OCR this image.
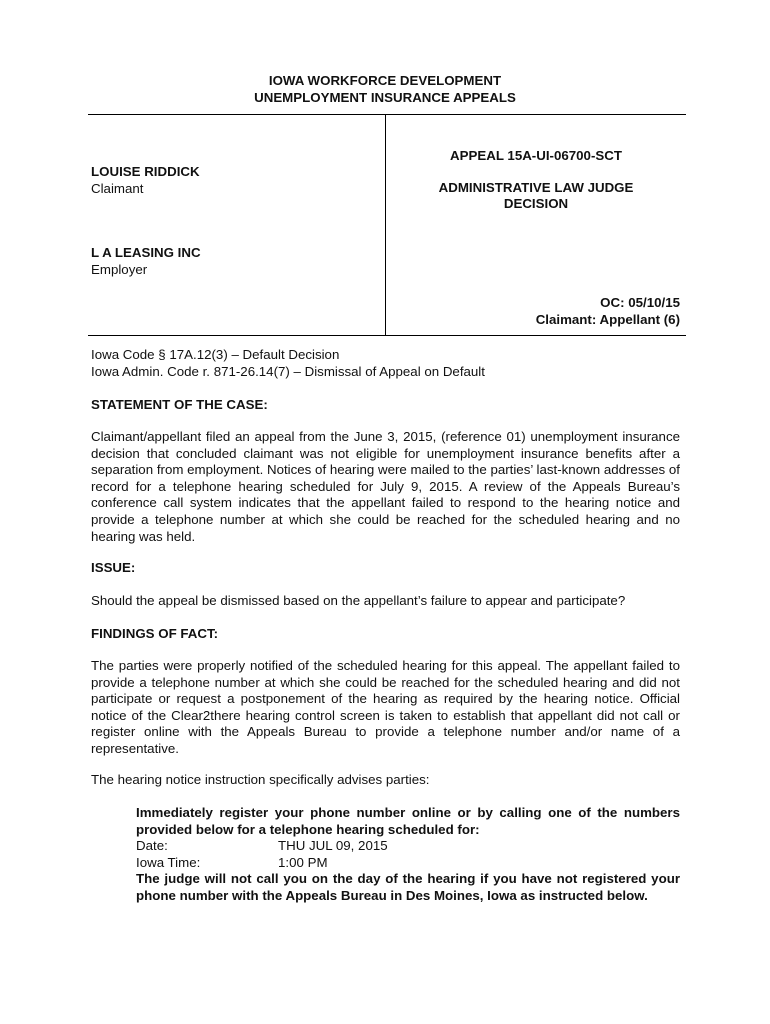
IOWA WORKFORCE DEVELOPMENT
UNEMPLOYMENT INSURANCE APPEALS
LOUISE RIDDICK
Claimant
L A LEASING INC
Employer
APPEAL 15A-UI-06700-SCT
ADMINISTRATIVE LAW JUDGE
DECISION
OC: 05/10/15
Claimant: Appellant (6)
Iowa Code § 17A.12(3) – Default Decision
Iowa Admin. Code r. 871-26.14(7) – Dismissal of Appeal on Default
STATEMENT OF THE CASE:

Claimant/appellant filed an appeal from the June 3, 2015, (reference 01) unemployment insurance decision that concluded claimant was not eligible for unemployment insurance benefits after a separation from employment. Notices of hearing were mailed to the parties’ last-known addresses of record for a telephone hearing scheduled for July 9, 2015. A review of the Appeals Bureau’s conference call system indicates that the appellant failed to respond to the hearing notice and provide a telephone number at which she could be reached for the scheduled hearing and no hearing was held.

ISSUE:

Should the appeal be dismissed based on the appellant’s failure to appear and participate?

FINDINGS OF FACT:

The parties were properly notified of the scheduled hearing for this appeal. The appellant failed to provide a telephone number at which she could be reached for the scheduled hearing and did not participate or request a postponement of the hearing as required by the hearing notice. Official notice of the Clear2there hearing control screen is taken to establish that appellant did not call or register online with the Appeals Bureau to provide a telephone number and/or name of a representative.

The hearing notice instruction specifically advises parties:

Immediately register your phone number online or by calling one of the numbers provided below for a telephone hearing scheduled for:

Date:	THU JUL 09, 2015
Iowa Time:	1:00 PM

The judge will not call you on the day of the hearing if you have not registered your phone number with the Appeals Bureau in Des Moines, Iowa as instructed below.
